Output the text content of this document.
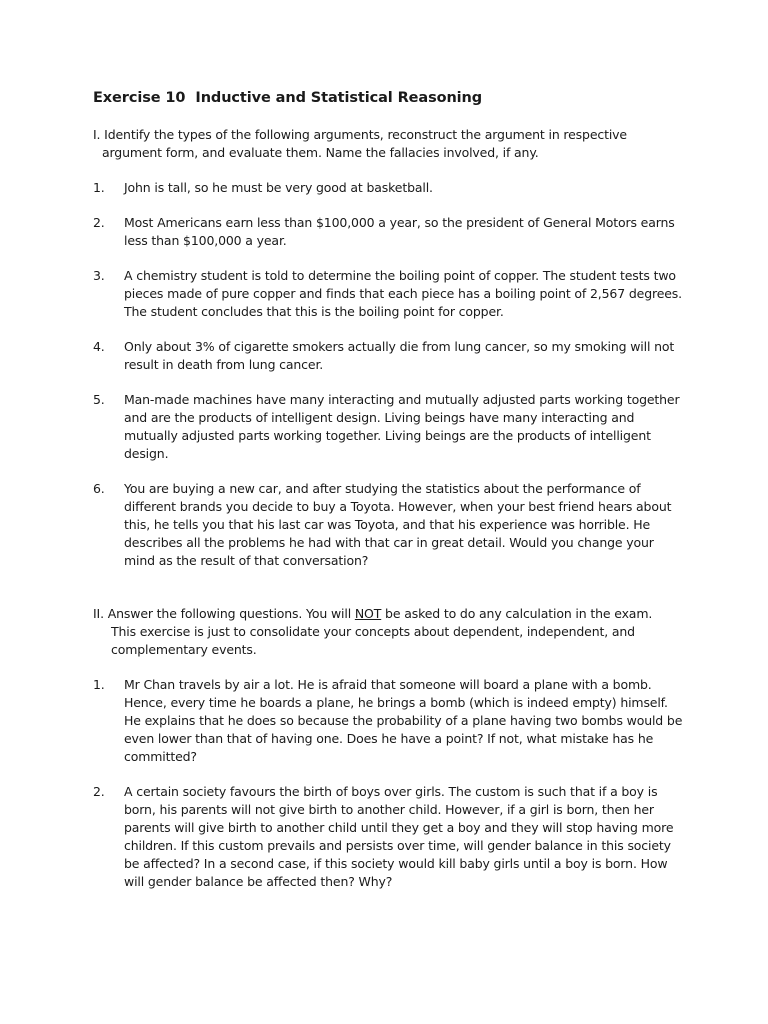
Exercise 10 Inductive and Statistical Reasoning

I. Identify the types of the following arguments, reconstruct the argument in respective
argument form, and evaluate them. Name the fallacies involved, if any.

1. John is tall, so he must be very good at basketball.
2. Most Americans earn less than $100,000 a year, so the president of General Motors earns less than $100,000 a year.
3. A chemistry student is told to determine the boiling point of copper. The student tests two pieces made of pure copper and finds that each piece has a boiling point of 2,567 degrees. The student concludes that this is the boiling point for copper.
4. Only about 3% of cigarette smokers actually die from lung cancer, so my smoking will not result in death from lung cancer.
5. Man-made machines have many interacting and mutually adjusted parts working together and are the products of intelligent design. Living beings have many interacting and mutually adjusted parts working together. Living beings are the products of intelligent design.
6. You are buying a new car, and after studying the statistics about the performance of different brands you decide to buy a Toyota. However, when your best friend hears about this, he tells you that his last car was Toyota, and that his experience was horrible. He describes all the problems he had with that car in great detail. Would you change your mind as the result of that conversation?

II. Answer the following questions. You will NOT be asked to do any calculation in the exam.
This exercise is just to consolidate your concepts about dependent, independent, and
complementary events.

1. Mr Chan travels by air a lot. He is afraid that someone will board a plane with a bomb. Hence, every time he boards a plane, he brings a bomb (which is indeed empty) himself. He explains that he does so because the probability of a plane having two bombs would be even lower than that of having one. Does he have a point? If not, what mistake has he committed?
2. A certain society favours the birth of boys over girls. The custom is such that if a boy is born, his parents will not give birth to another child. However, if a girl is born, then her parents will give birth to another child until they get a boy and they will stop having more children. If this custom prevails and persists over time, will gender balance in this society be affected? In a second case, if this society would kill baby girls until a boy is born. How will gender balance be affected then? Why?
